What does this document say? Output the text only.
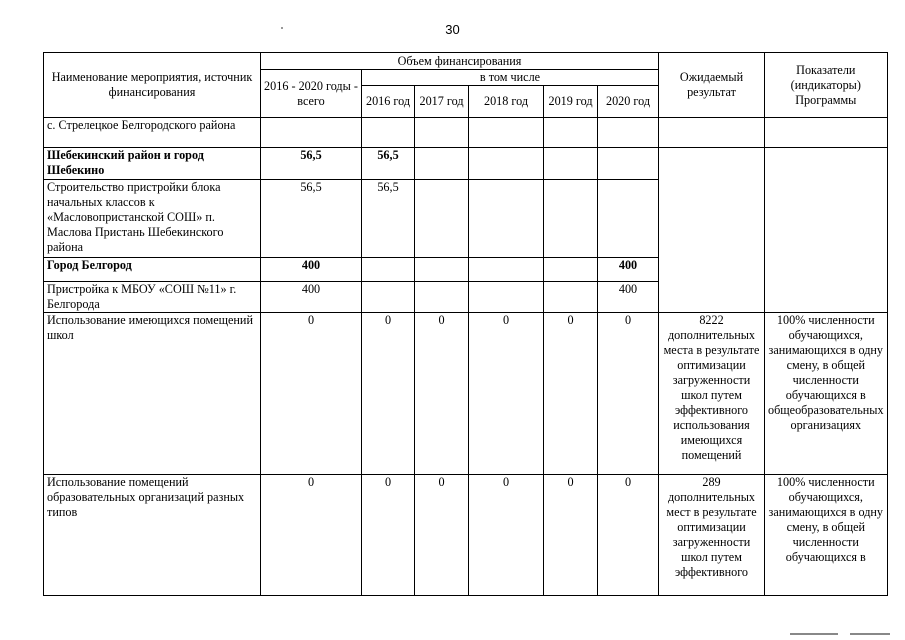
30
Наименование мероприятия, источник финансирования	Объем финансирования						Ожидаемый результат	Показатели (индикаторы) Программы
	2016 - 2020 годы - всего	в том числе						
		2016 год	2017 год	2018 год	2019 год	2020 год		
с. Стрелецкое Белгородского района								
Шебекинский район и город Шебекино	56,5	56,5						
Строительство пристройки блока начальных классов к «Масловопристанской СОШ» п. Маслова Пристань Шебекинского района	56,5	56,5						
Город Белгород	400					400		
Пристройка к МБОУ «СОШ №11» г. Белгорода	400					400		
Использование имеющихся помещений школ	0	0	0	0	0	0	8222 дополнительных места в результате оптимизации загруженности школ путем эффективного использования имеющихся помещений	100% численности обучающихся, занимающихся в одну смену, в общей численности обучающихся в общеобразовательных организациях
Использование помещений образовательных организаций разных типов	0	0	0	0	0	0	289 дополнительных мест в результате оптимизации загруженности школ путем эффективного	100% численности обучающихся, занимающихся в одну смену, в общей численности обучающихся в
